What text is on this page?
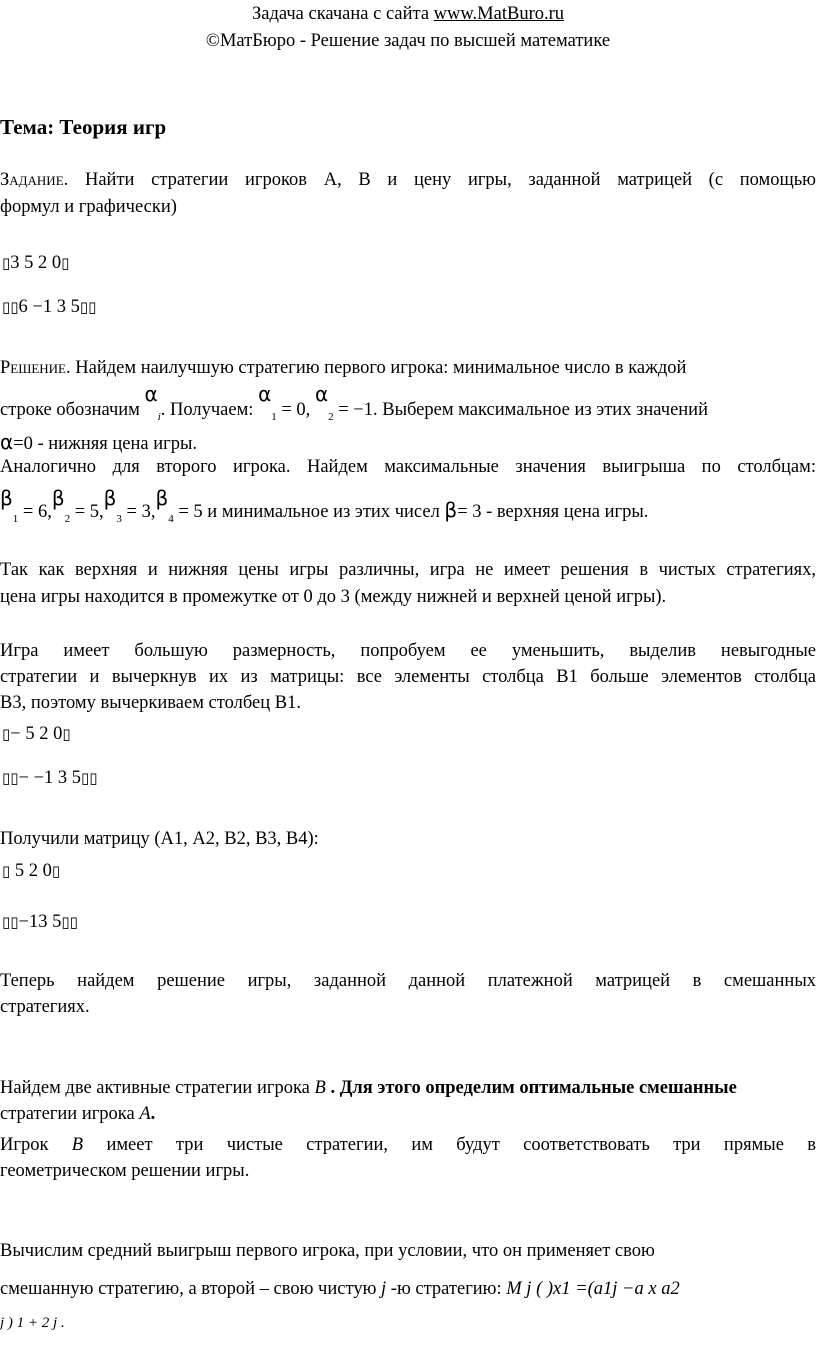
Задача скачана с сайта www.MatBuro.ru
©МатБюро - Решение задач по высшей математике
Тема: Теория игр
Задание. Найти стратегии игроков А, В и цену игры, заданной матрицей (с помощью
формул и графически)
▯3 5 2 0▯
▯▯6 −1 3 5▯▯
Решение. Найдем наилучшую стратегию первого игрока: минимальное число в каждой
строке обозначим $\alpha_i$. Получаем: $\alpha_1 = 0$, $\alpha_2 = -1$. Выберем максимальное из этих значений
α=0 - нижняя цена игры.
Аналогично для второго игрока. Найдем максимальные значения выигрыша по столбцам:
$\beta_1 = 6,\beta_2 = 5,\beta_3 = 3,\beta_4 = 5$ и минимальное из этих чисел β= 3 - верхняя цена игры.
Так как верхняя и нижняя цены игры различны, игра не имеет решения в чистых стратегиях,
цена игры находится в промежутке от 0 до 3 (между нижней и верхней ценой игры).
Игра имеет большую размерность, попробуем ее уменьшить, выделив невыгодные
стратегии и вычеркнув их из матрицы: все элементы столбца В1 больше элементов столбца
В3, поэтому вычеркиваем столбец В1.
▯− 5 2 0▯
▯▯− −1 3 5▯▯
Получили матрицу (А1, А2, В2, В3, В4):
▯ 5 2 0▯
▯▯−13 5▯▯
Теперь найдем решение игры, заданной данной платежной матрицей в смешанных
стратегиях.
Найдем две активные стратегии игрока B . Для этого определим оптимальные смешанные
стратегии игрока A.
Игрок B имеет три чистые стратегии, им будут соответствовать три прямые в
геометрическом решении игры.
Вычислим средний выигрыш первого игрока, при условии, что он применяет свою
смешанную стратегию, а второй – свою чистую j -ю стратегию: M j ( )x1 =(a1j −a x a2
j ) 1 + 2 j .
